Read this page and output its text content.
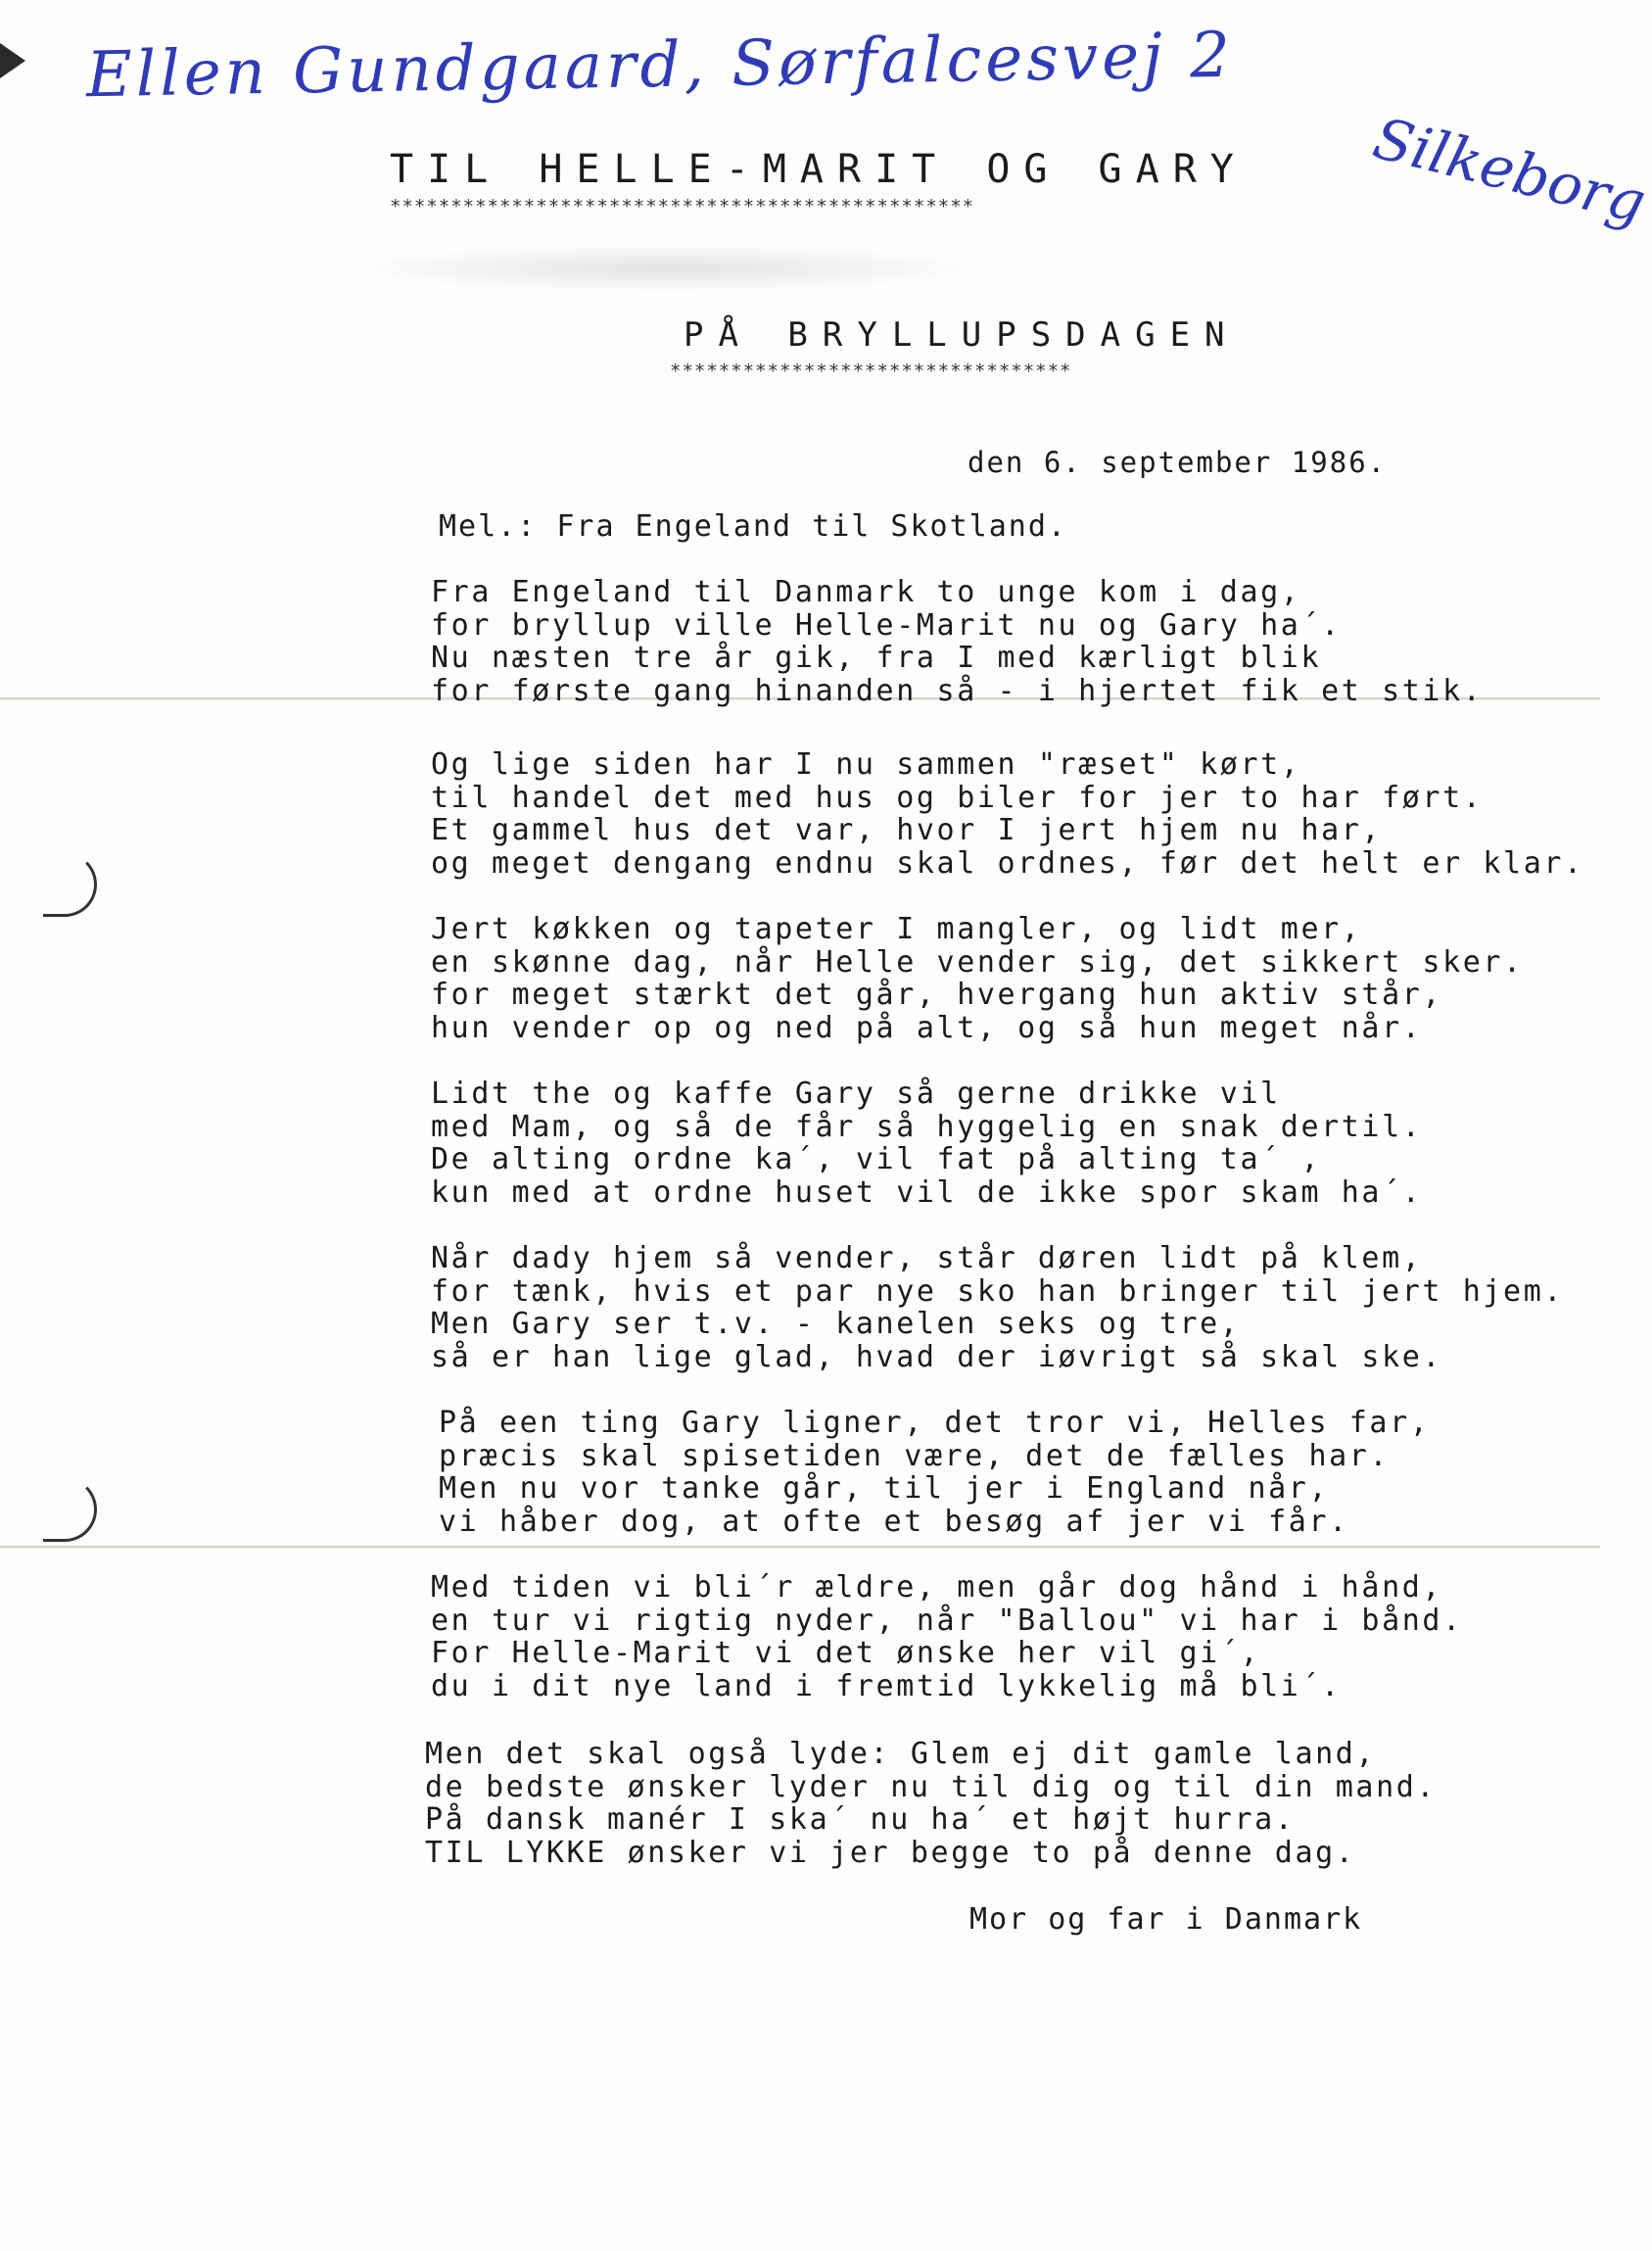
Ellen Gundgaard, Sørfalcesvej 2
Silkeborg
TIL HELLE-MARIT OG GARY
************************************************
PÅ BRYLLUPSDAGEN
*********************************
den 6. september 1986.
Mel.: Fra Engeland til Skotland.
Fra Engeland til Danmark to unge kom i dag,
for bryllup ville Helle-Marit nu og Gary ha´.
Nu næsten tre år gik, fra I med kærligt blik
for første gang hinanden så - i hjertet fik et stik.
Og lige siden har I nu sammen "ræset" kørt,
til handel det med hus og biler for jer to har ført.
Et gammel hus det var, hvor I jert hjem nu har,
og meget dengang endnu skal ordnes, før det helt er klar.
Jert køkken og tapeter I mangler, og lidt mer,
en skønne dag, når Helle vender sig, det sikkert sker.
for meget stærkt det går, hvergang hun aktiv står,
hun vender op og ned på alt, og så hun meget når.
Lidt the og kaffe Gary så gerne drikke vil
med Mam, og så de får så hyggelig en snak dertil.
De alting ordne ka´, vil fat på alting ta´ ,
kun med at ordne huset vil de ikke spor skam ha´.
Når dady hjem så vender, står døren lidt på klem,
for tænk, hvis et par nye sko han bringer til jert hjem.
Men Gary ser t.v. - kanelen seks og tre,
så er han lige glad, hvad der iøvrigt så skal ske.
På een ting Gary ligner, det tror vi, Helles far,
præcis skal spisetiden være, det de fælles har.
Men nu vor tanke går, til jer i England når,
vi håber dog, at ofte et besøg af jer vi får.
Med tiden vi bli´r ældre, men går dog hånd i hånd,
en tur vi rigtig nyder, når "Ballou" vi har i bånd.
For Helle-Marit vi det ønske her vil gi´,
du i dit nye land i fremtid lykkelig må bli´.
Men det skal også lyde: Glem ej dit gamle land,
de bedste ønsker lyder nu til dig og til din mand.
På dansk manér I ska´ nu ha´ et højt hurra.
TIL LYKKE ønsker vi jer begge to på denne dag.
Mor og far i Danmark
